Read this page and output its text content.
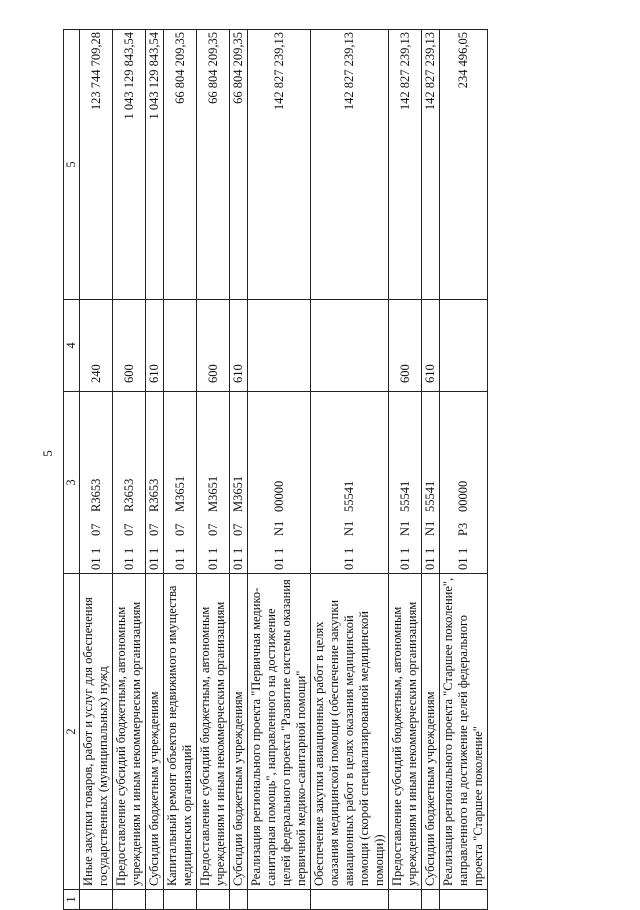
5
1	2	3	4	5
	Иные закупки товаров, работ и услуг для обеспечения государственных (муниципальных) нужд	01107R3653	240	123 744 709,28
	Предоставление субсидий бюджетным, автономным учреждениям и иным некоммерческим организациям	01107R3653	600	1 043 129 843,54
	Субсидии бюджетным учреждениям	01107R3653	610	1 043 129 843,54
	Капитальный ремонт объектов недвижимого имущества медицинских организаций	01107М3651		66 804 209,35
	Предоставление субсидий бюджетным, автономным учреждениям и иным некоммерческим организациям	01107М3651	600	66 804 209,35
	Субсидии бюджетным учреждениям	01107М3651	610	66 804 209,35
	Реализация регионального проекта "Первичная медико-санитарная помощь", направленного на достижение целей федерального проекта "Развитие системы оказания первичной медико-санитарной помощи"	011N100000		142 827 239,13
	Обеспечение закупки авиационных работ в целях оказания медицинской помощи (обеспечение закупки авиационных работ в целях оказания медицинской помощи (скорой специализированной медицинской помощи))	011N155541		142 827 239,13
	Предоставление субсидий бюджетным, автономным учреждениям и иным некоммерческим организациям	011N155541	600	142 827 239,13
	Субсидии бюджетным учреждениям	011N155541	610	142 827 239,13
	Реализация регионального проекта "Старшее поколение", направленного на достижение целей федерального проекта "Старшее поколение"	011P300000		234 496,05
